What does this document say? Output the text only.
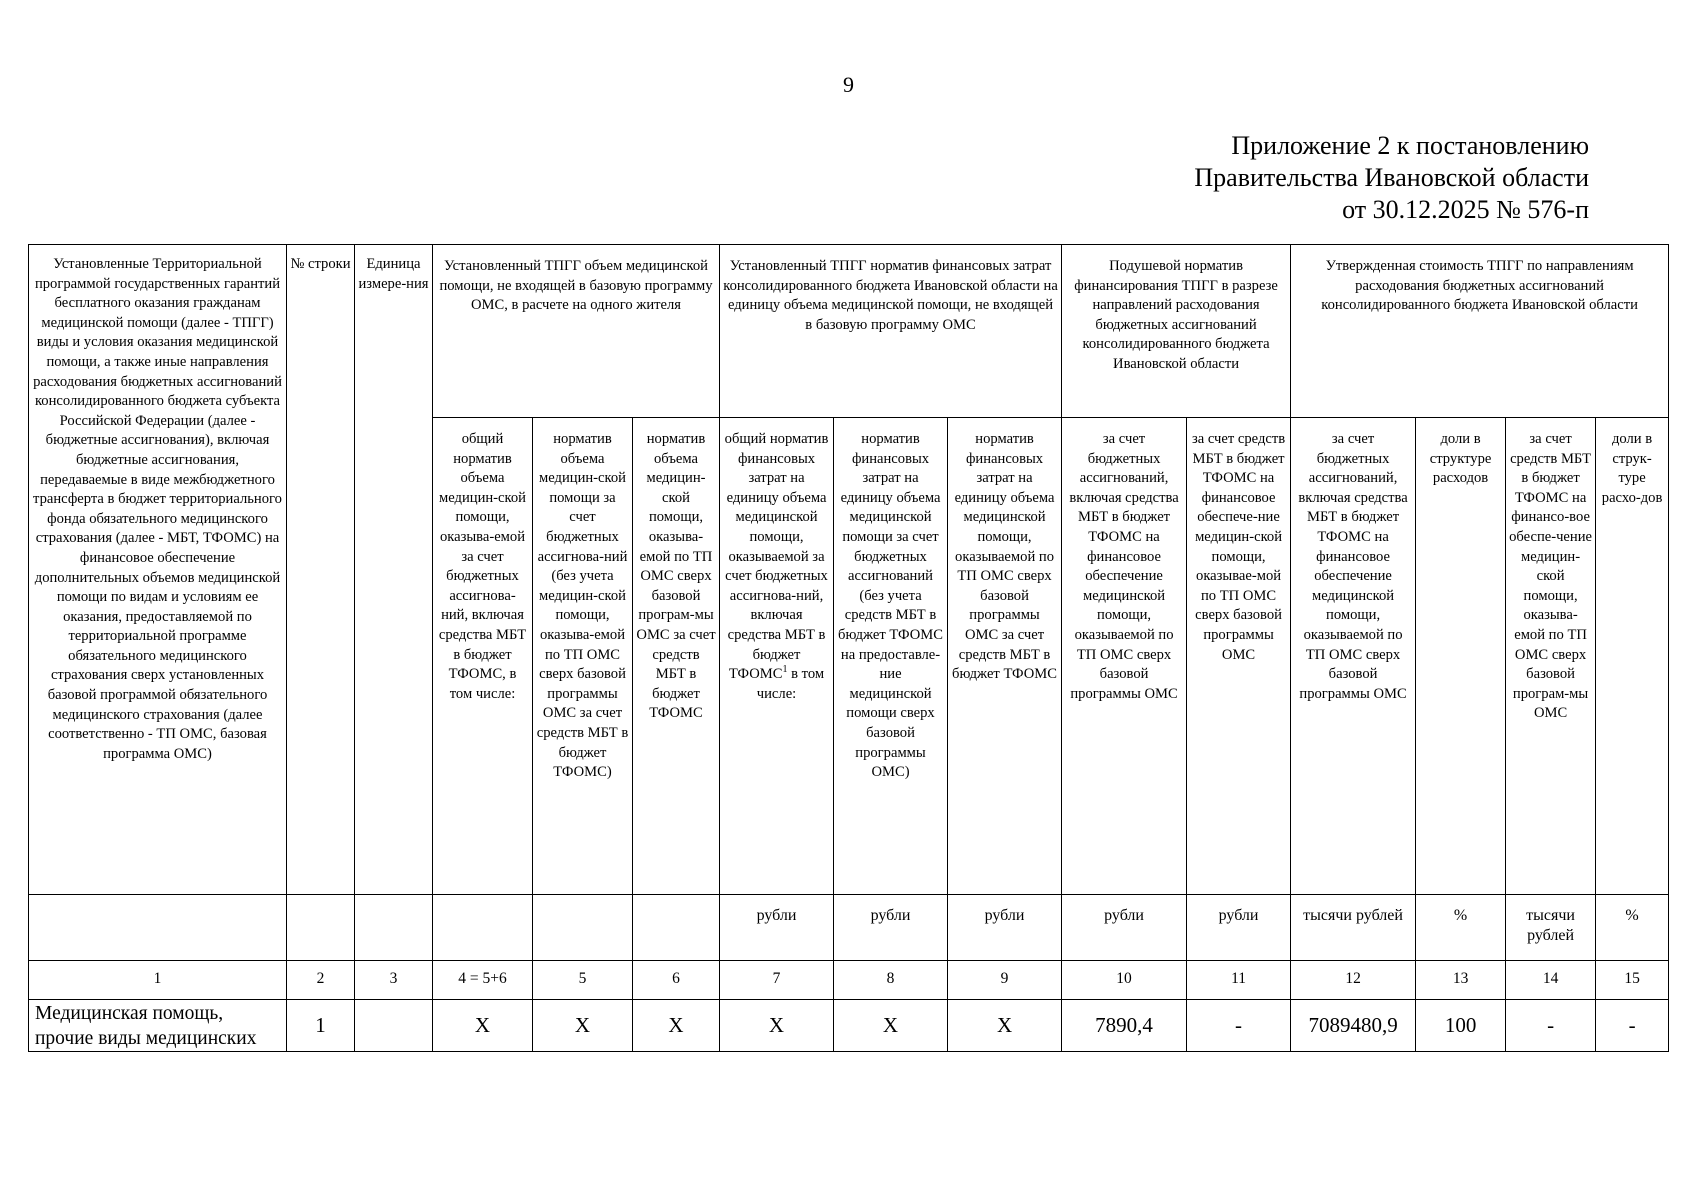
9
Приложение 2 к постановлению
Правительства Ивановской области
от 30.12.2025 № 576-п
Установленные Территориальной программой государственных гарантий бесплатного оказания гражданам медицинской помощи (далее - ТПГГ) виды и условия оказания медицинской помощи, а также иные направления расходования бюджетных ассигнований консолидированного бюджета субъекта Российской Федерации (далее - бюджетные ассигнования), включая бюджетные ассигнования, передаваемые в виде межбюджетного трансферта в бюджет территориального фонда обязательного медицинского страхования (далее - МБТ, ТФОМС) на финансовое обеспечение дополнительных объемов медицинской помощи по видам и условиям ее оказания, предоставляемой по территориальной программе обязательного медицинского страхования сверх установленных базовой программой обязательного медицинского страхования (далее соответственно - ТП ОМС, базовая программа ОМС)	№ строки	Единица измере-ния	Установленный ТПГГ объем медицинской помощи, не входящей в базовую программу ОМС, в расчете на одного жителя			Установленный ТПГГ норматив финансовых затрат консолидированного бюджета Ивановской области на единицу объема медицинской помощи, не входящей в базовую программу ОМС			Подушевой норматив финансирования ТПГГ в разрезе направлений расходования бюджетных ассигнований консолидированного бюджета Ивановской области		Утвержденная стоимость ТПГГ по направлениям расходования бюджетных ассигнований консолидированного бюджета Ивановской области			
			общий норматив объема медицин-ской помощи, оказыва-емой за счет бюджетных ассигнова-ний, включая средства МБТ в бюджет ТФОМС, в том числе:	норматив объема медицин-ской помощи за счет бюджетных ассигнова-ний (без учета медицин-ской помощи, оказыва-емой по ТП ОМС сверх базовой программы ОМС за счет средств МБТ в бюджет ТФОМС)	норматив объема медицин-ской помощи, оказыва-емой по ТП ОМС сверх базовой програм-мы ОМС за счет средств МБТ в бюджет ТФОМС	общий норматив финансовых затрат на единицу объема медицинской помощи, оказываемой за счет бюджетных ассигнова-ний, включая средства МБТ в бюджет ТФОМС$^1$ в том числе:	норматив финансовых затрат на единицу объема медицинской помощи за счет бюджетных ассигнований (без учета средств МБТ в бюджет ТФОМС на предоставле-ние медицинской помощи сверх базовой программы ОМС)	норматив финансовых затрат на единицу объема медицинской помощи, оказываемой по ТП ОМС сверх базовой программы ОМС за счет средств МБТ в бюджет ТФОМС	за счет бюджетных ассигнований, включая средства МБТ в бюджет ТФОМС на финансовое обеспечение медицинской помощи, оказываемой по ТП ОМС сверх базовой программы ОМС	за счет средств МБТ в бюджет ТФОМС на финансовое обеспече-ние медицин-ской помощи, оказывае-мой по ТП ОМС сверх базовой программы ОМС	за счет бюджетных ассигнований, включая средства МБТ в бюджет ТФОМС на финансовое обеспечение медицинской помощи, оказываемой по ТП ОМС сверх базовой программы ОМС	доли в структуре расходов	за счет средств МБТ в бюджет ТФОМС на финансо-вое обеспе-чение медицин-ской помощи, оказыва-емой по ТП ОМС сверх базовой програм-мы ОМС	доли в струк-туре расхо-дов
						рубли	рубли	рубли	рубли	рубли	тысячи рублей	%	тысячи рублей	%
1	2	3	4 = 5+6	5	6	7	8	9	10	11	12	13	14	15
Медицинская помощь, прочие виды медицинских	1		X	X	X	X	X	X	7890,4	-	7089480,9	100	-	-
